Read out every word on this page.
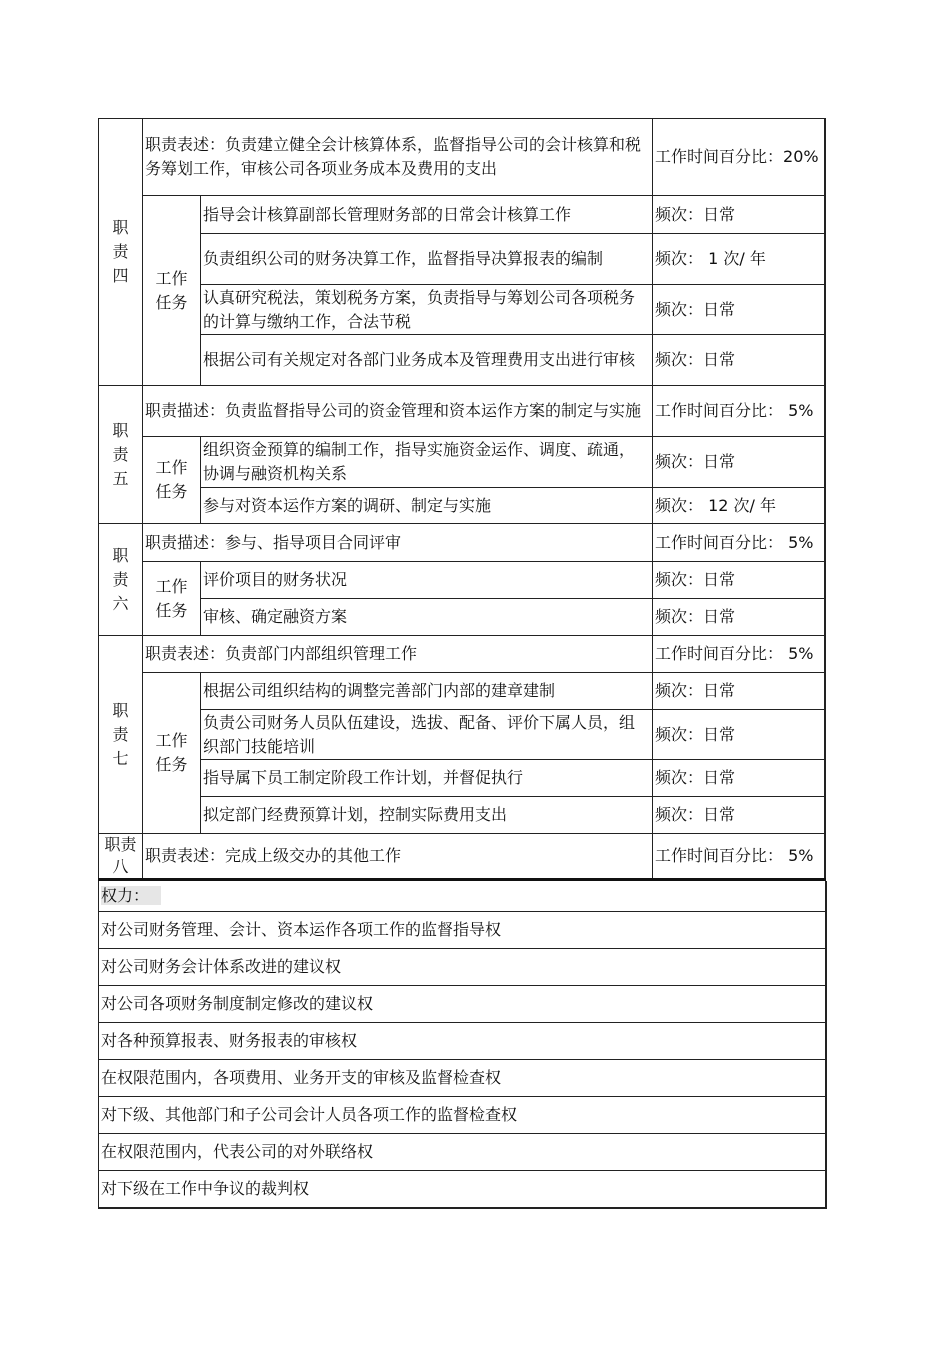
职
责
四	职责表述：负责建立健全会计核算体系，监督指导公司的会计核算和税务筹划工作，审核公司各项业务成本及费用的支出		工作时间百分比：20%

	工作任务	指导会计核算副部长管理财务部的日常会计核算工作	频次：日常
		负责组织公司的财务决算工作，监督指导决算报表的编制	频次： 1 次/ 年
		认真研究税法，策划税务方案，负责指导与筹划公司各项税务的计算与缴纳工作，合法节税	频次：日常
		根据公司有关规定对各部门业务成本及管理费用支出进行审核	频次：日常

职
责
五	职责描述：负责监督指导公司的资金管理和资本运作方案的制定与实施		工作时间百分比： 5%

	工作任务	组织资金预算的编制工作，指导实施资金运作、调度、疏通，协调与融资机构关系	频次：日常
		参与对资本运作方案的调研、制定与实施	频次： 12 次/ 年

职
责
六	职责描述：参与、指导项目合同评审		工作时间百分比： 5%

	工作任务	评价项目的财务状况	频次：日常
		审核、确定融资方案	频次：日常

职
责
七	职责表述：负责部门内部组织管理工作		工作时间百分比： 5%

	工作任务	根据公司组织结构的调整完善部门内部的建章建制	频次：日常
		负责公司财务人员队伍建设，选拔、配备、评价下属人员，组织部门技能培训	频次：日常
		指导属下员工制定阶段工作计划，并督促执行	频次：日常
		拟定部门经费预算计划，控制实际费用支出	频次：日常

职责
八	职责表述：完成上级交办的其他工作		工作时间百分比： 5%
权力：
对公司财务管理、会计、资本运作各项工作的监督指导权
对公司财务会计体系改进的建议权
对公司各项财务制度制定修改的建议权
对各种预算报表、财务报表的审核权
在权限范围内，各项费用、业务开支的审核及监督检查权
对下级、其他部门和子公司会计人员各项工作的监督检查权
在权限范围内，代表公司的对外联络权
对下级在工作中争议的裁判权
